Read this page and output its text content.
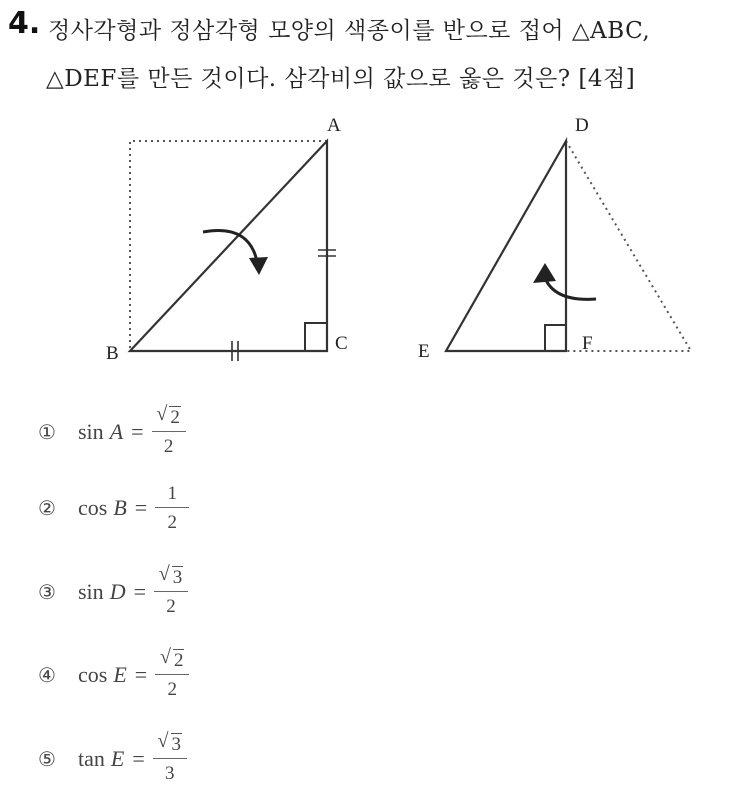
4. 정사각형과 정삼각형 모양의 색종이를 반으로 접어 △ABC,
△DEF를 만든 것이다. 삼각비의 값으로 옳은 것은? [4점]
A
B	C
D
E	F
①	sin A = √ $\frac{2}{2}$
②	$\cos B = \frac{1}{2}$
③	sin D = √ $\frac{3}{2}$
④	cos E = √ $\frac{2}{2}$
⑤	tan E = √ $\frac{3}{3}$
